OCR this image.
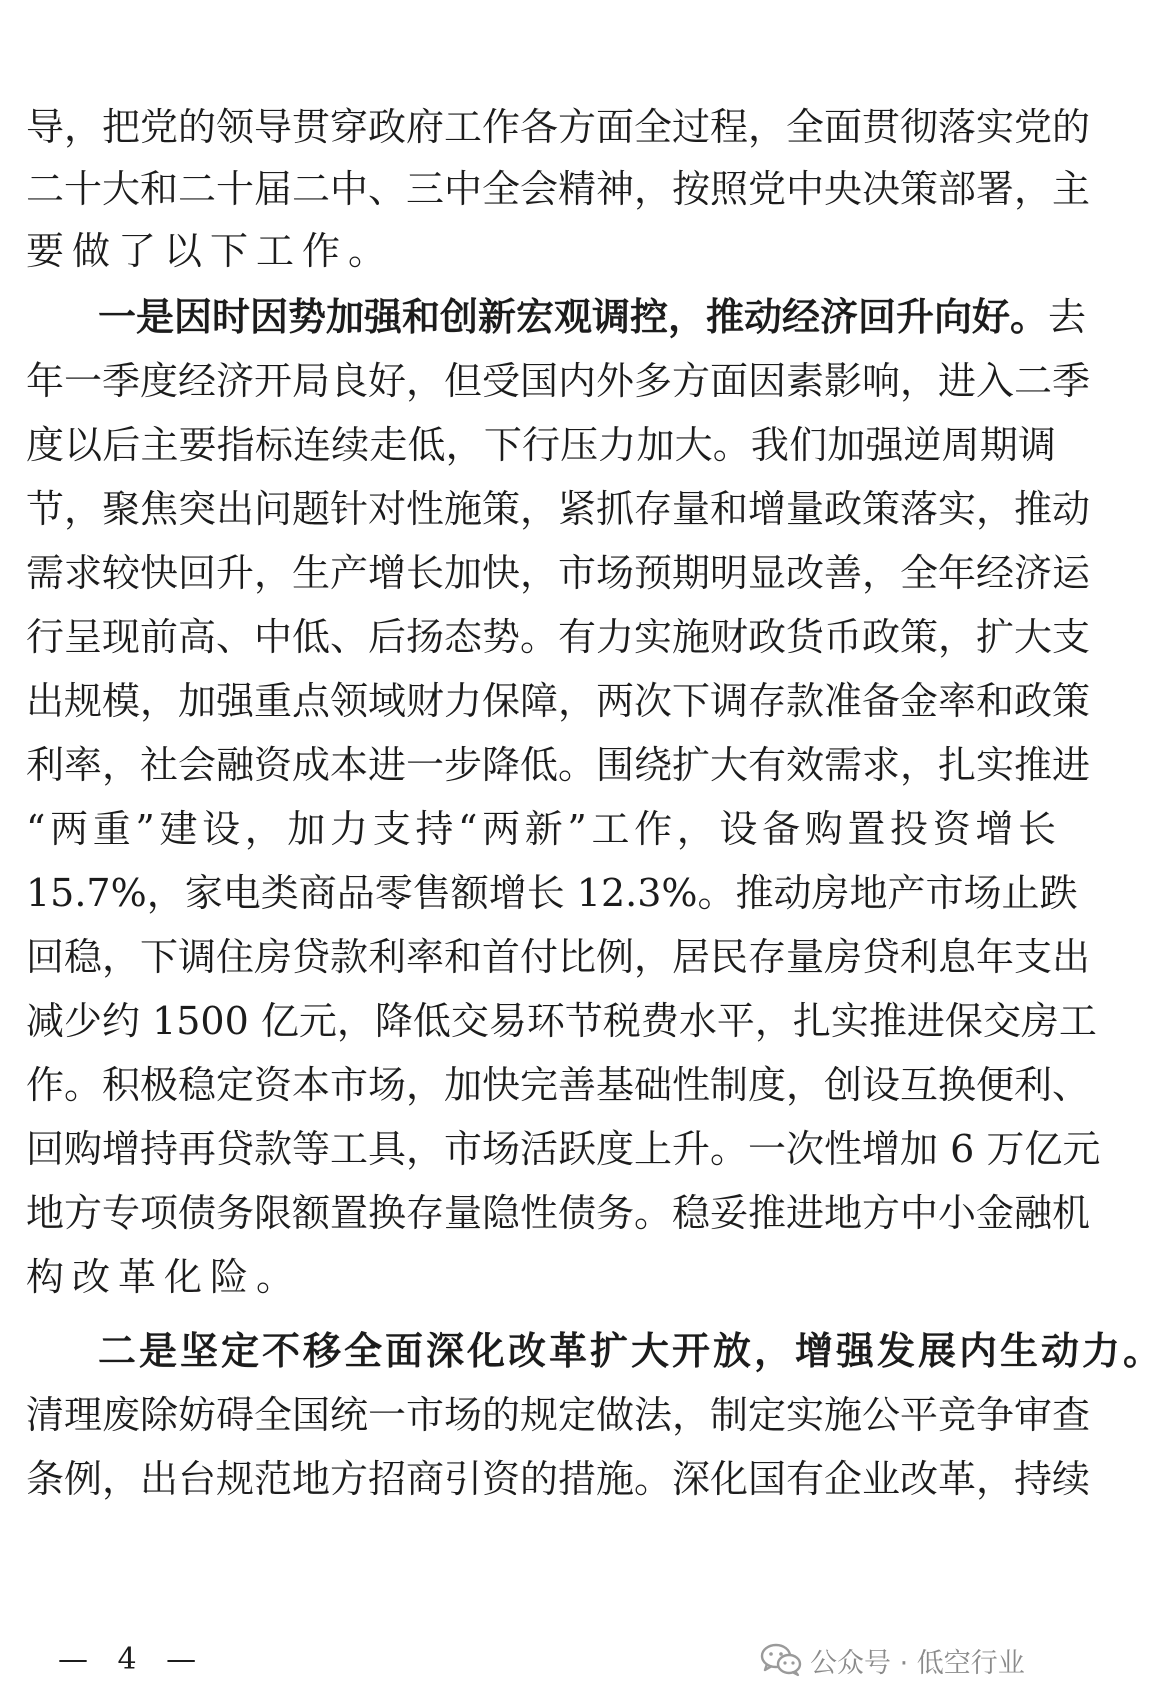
导，把党的领导贯穿政府工作各方面全过程，全面贯彻落实党的
二十大和二十届二中、三中全会精神，按照党中央决策部署，主
要做了以下工作。
一是因时因势加强和创新宏观调控，推动经济回升向好。去
年一季度经济开局良好，但受国内外多方面因素影响，进入二季
度以后主要指标连续走低，下行压力加大。我们加强逆周期调
节，聚焦突出问题针对性施策，紧抓存量和增量政策落实，推动
需求较快回升，生产增长加快，市场预期明显改善，全年经济运
行呈现前高、中低、后扬态势。有力实施财政货币政策，扩大支
出规模，加强重点领域财力保障，两次下调存款准备金率和政策
利率，社会融资成本进一步降低。围绕扩大有效需求，扎实推进
“两重”建设，加力支持“两新”工作，设备购置投资增长
15.7%，家电类商品零售额增长 12.3%。推动房地产市场止跌
回稳，下调住房贷款利率和首付比例，居民存量房贷利息年支出
减少约 1500 亿元，降低交易环节税费水平，扎实推进保交房工
作。积极稳定资本市场，加快完善基础性制度，创设互换便利、
回购增持再贷款等工具，市场活跃度上升。一次性增加 6 万亿元
地方专项债务限额置换存量隐性债务。稳妥推进地方中小金融机
构改革化险。
二是坚定不移全面深化改革扩大开放，增强发展内生动力。
清理废除妨碍全国统一市场的规定做法，制定实施公平竞争审查
条例，出台规范地方招商引资的措施。深化国有企业改革，持续
— 4 —	公众号 · 低空行业
